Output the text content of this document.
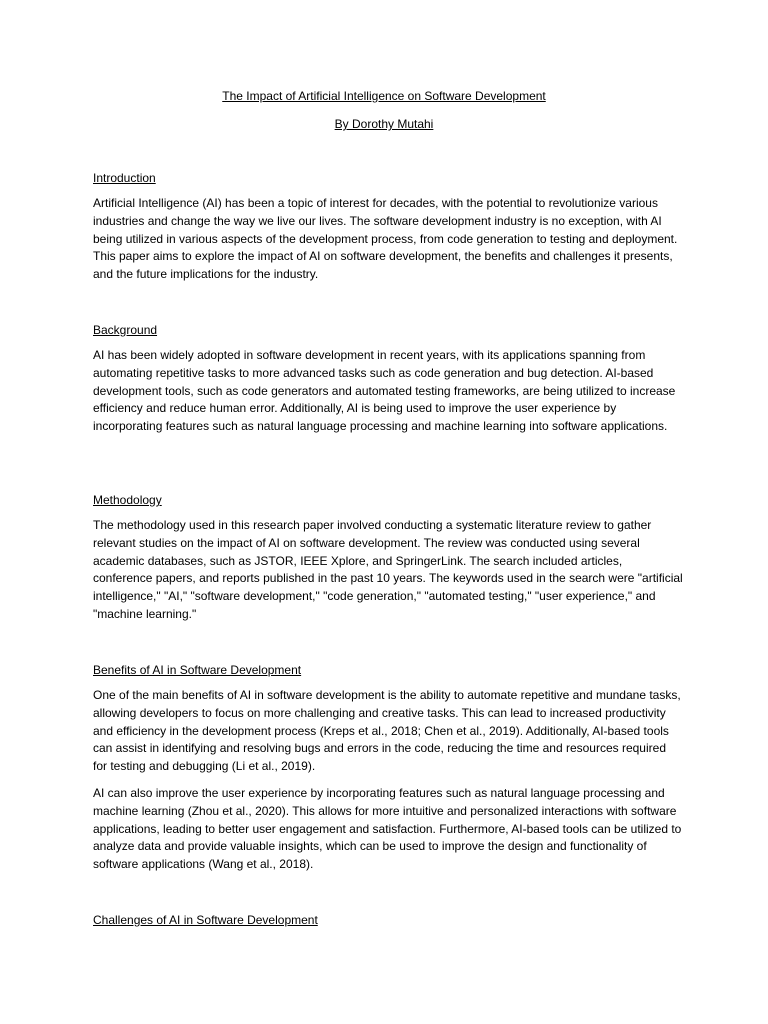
The Impact of Artificial Intelligence on Software Development

By Dorothy Mutahi

Introduction

Artificial Intelligence (AI) has been a topic of interest for decades, with the potential to revolutionize various industries and change the way we live our lives. The software development industry is no exception, with AI being utilized in various aspects of the development process, from code generation to testing and deployment. This paper aims to explore the impact of AI on software development, the benefits and challenges it presents, and the future implications for the industry.

Background

AI has been widely adopted in software development in recent years, with its applications spanning from automating repetitive tasks to more advanced tasks such as code generation and bug detection. AI-based development tools, such as code generators and automated testing frameworks, are being utilized to increase efficiency and reduce human error. Additionally, AI is being used to improve the user experience by incorporating features such as natural language processing and machine learning into software applications.

Methodology

The methodology used in this research paper involved conducting a systematic literature review to gather relevant studies on the impact of AI on software development. The review was conducted using several academic databases, such as JSTOR, IEEE Xplore, and SpringerLink. The search included articles, conference papers, and reports published in the past 10 years. The keywords used in the search were "artificial intelligence," "AI," "software development," "code generation," "automated testing," "user experience," and "machine learning."

Benefits of AI in Software Development

One of the main benefits of AI in software development is the ability to automate repetitive and mundane tasks, allowing developers to focus on more challenging and creative tasks. This can lead to increased productivity and efficiency in the development process (Kreps et al., 2018; Chen et al., 2019). Additionally, AI-based tools can assist in identifying and resolving bugs and errors in the code, reducing the time and resources required for testing and debugging (Li et al., 2019).

AI can also improve the user experience by incorporating features such as natural language processing and machine learning (Zhou et al., 2020). This allows for more intuitive and personalized interactions with software applications, leading to better user engagement and satisfaction. Furthermore, AI-based tools can be utilized to analyze data and provide valuable insights, which can be used to improve the design and functionality of software applications (Wang et al., 2018).

Challenges of AI in Software Development
